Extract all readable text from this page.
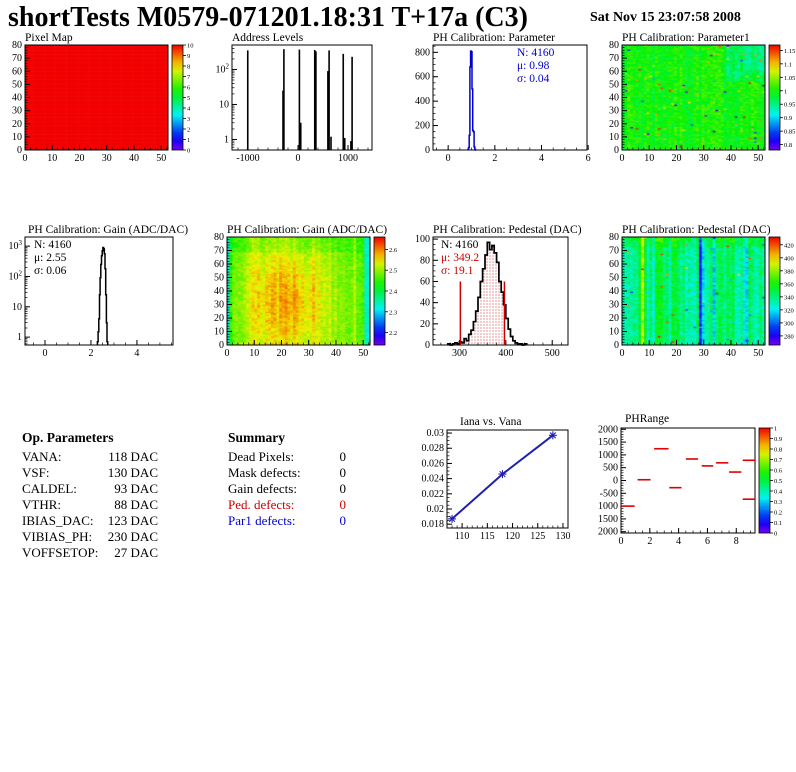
shortTests M0579-071201.18:31 T+17a (C3)	Sat Nov 15 23:07:58 2008
Pixel Map	Address Levels	PH Calibration: Parameter	PH Calibration: Parameter1
PH Calibration: Gain (ADC/DAC)	PH Calibration: Gain (ADC/DAC)	PH Calibration: Pedestal (DAC)	PH Calibration: Pedestal (DAC)
Iana vs. Vana	PHRange
N: 4160
μ: 0.98
σ: 0.04
N: 4160
μ: 2.55
σ: 0.06
N: 4160
μ: 349.2
σ: 19.1
Op. Parameters
VANA:	118 DAC
VSF:	130 DAC
CALDEL:	93 DAC
VTHR:	88 DAC
IBIAS_DAC: 123 DAC
VIBIAS_PH: 230 DAC
VOFFSETOP: 27 DAC
Summary
Dead Pixels:	0
Mask defects:	0
Gain defects:	0
Ped. defects:	0
Par1 defects:	0
0 10 20 30 40 50
0
10
20
30
40
50
60
70
80	10
9
8
7
6
5
4
3
2
1
0
-1000	0	1000
1
10
$10^2$
0	2	4	6
0
200
400
600
800
0 10 20 30 40 50
0
10
20
30
40
50
60
70
80
1.15
1.1
1.05
1
0.95
0.9
0.85
0.8
0	2	4
1
10
$10^2$
$10^3$
0 10 20 30 40 50
0
10
20
30
40
50
60
70
80
2.6
2.5
2.4
2.3
2.2
300	400	500
0
20
40
60
80
100
0 10 20 30 40 50
0
10
20
30
40
50
60
70
80
420
400
380
360
340
320
300
280
110 115 120 125 130
0.018
0.02
0.022
0.024
0.026
0.028
0.03
0 2 4 6 8
2000
1500
1000
500
0
-500
1000
1500
2000
1
0.9
0.8
0.7
0.6
0.5
0.4
0.3
0.2
0.1
0
